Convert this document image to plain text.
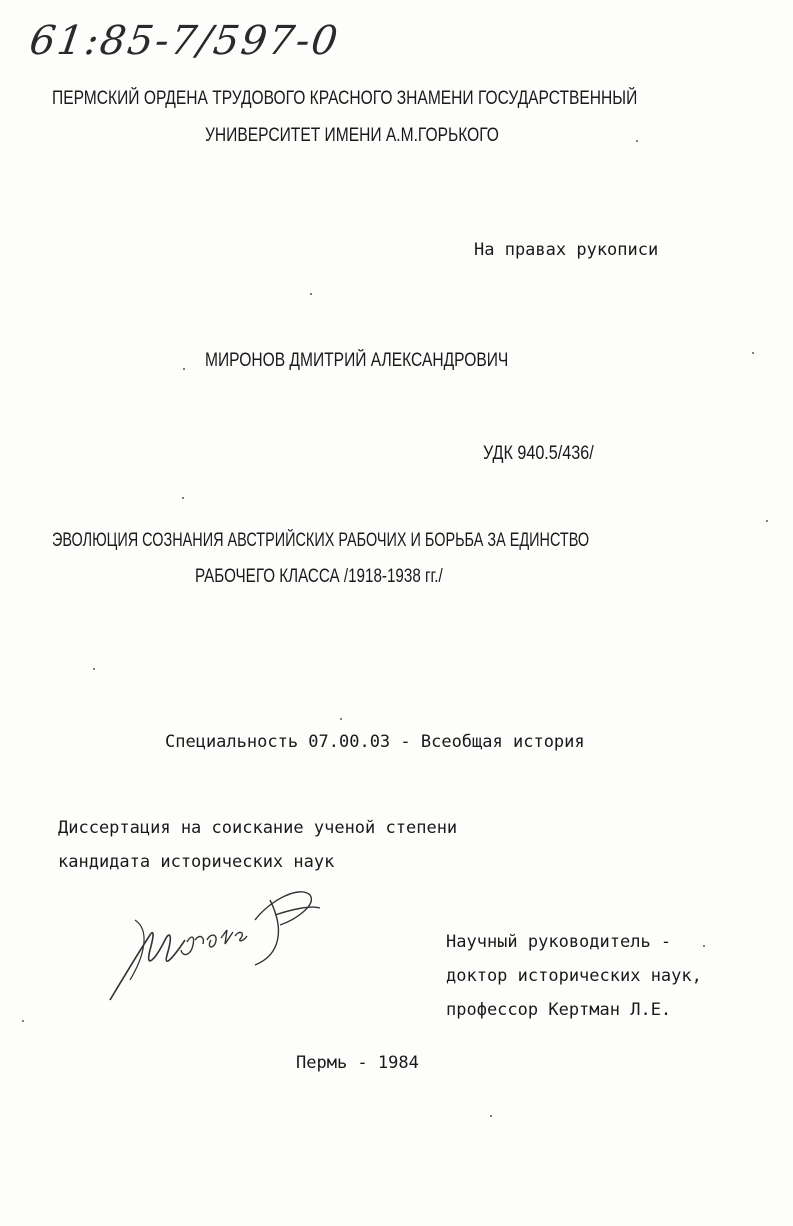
61:85-7/597-0
ПЕРМСКИЙ ОРДЕНА ТРУДОВОГО КРАСНОГО ЗНАМЕНИ ГОСУДАРСТВЕННЫЙ
УНИВЕРСИТЕТ ИМЕНИ А.М.ГОРЬКОГО
На правах рукописи
МИРОНОВ ДМИТРИЙ АЛЕКСАНДРОВИЧ
УДК 940.5/436/
ЭВОЛЮЦИЯ СОЗНАНИЯ АВСТРИЙСКИХ РАБОЧИХ И БОРЬБА ЗА ЕДИНСТВО
РАБОЧЕГО КЛАССА /1918-1938 гг./
Специальность 07.00.03 - Всеобщая история
Диссертация на соискание ученой степени
кандидата исторических наук
Научный руководитель -
доктор исторических наук,
профессор Кертман Л.Е.
Пермь - 1984
